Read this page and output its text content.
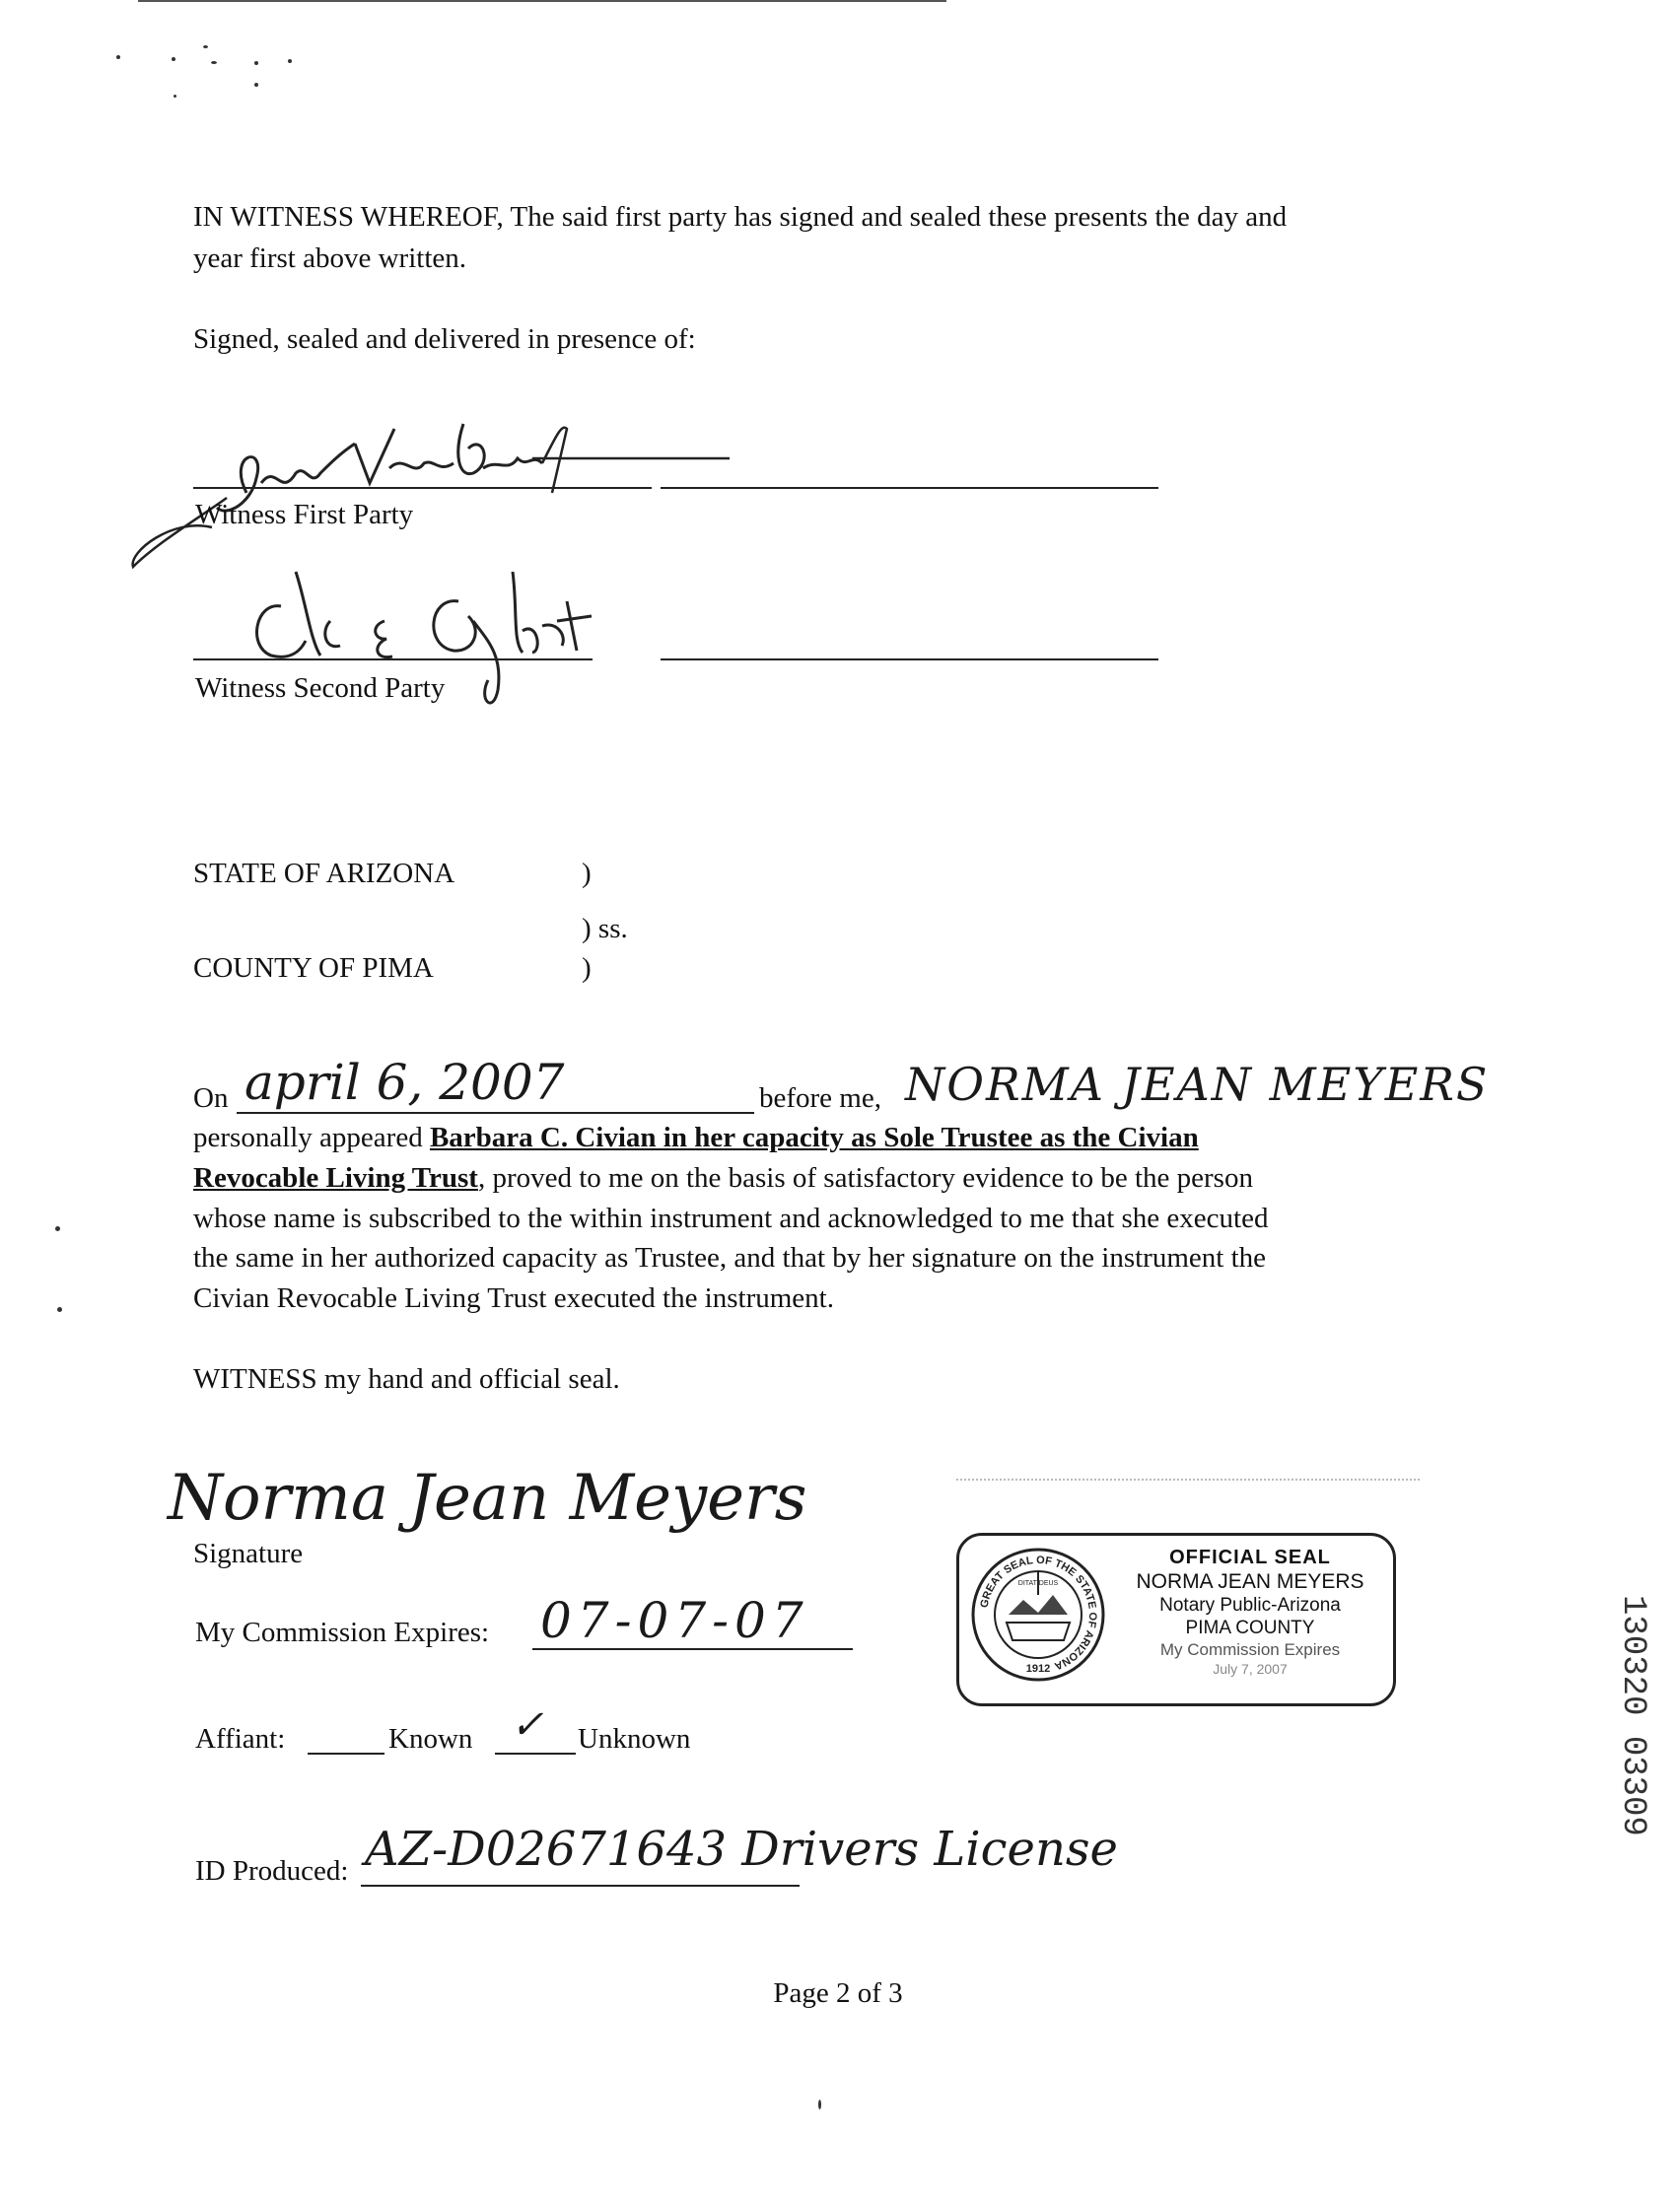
IN WITNESS WHEREOF, The said first party has signed and sealed these presents the day and
year first above written.
Signed, sealed and delivered in presence of:
Witness First Party
Witness Second Party
STATE OF ARIZONA	)
) ss.
COUNTY OF PIMA	)
On april 6, 2007	before me, NORMA JEAN MEYERS
personally appeared Barbara C. Civian in her capacity as Sole Trustee as the Civian
Revocable Living Trust, proved to me on the basis of satisfactory evidence to be the person
whose name is subscribed to the within instrument and acknowledged to me that she executed
the same in her authorized capacity as Trustee, and that by her signature on the instrument the
Civian Revocable Living Trust executed the instrument.
WITNESS my hand and official seal.
Norma Jean Meyers
Signature
My Commission Expires: 07-07-07
Affiant:	Known ✓ Unknown
ID Produced: AZ-D02671643 Drivers License
GREAT SEAL OF THE STATE OF ARIZONA
DITAT DEUS
1912
OFFICIAL SEAL
NORMA JEAN MEYERS
Notary Public-Arizona
PIMA COUNTY
My Commission Expires
July 7, 2007
Page 2 of 3
130320 03309
